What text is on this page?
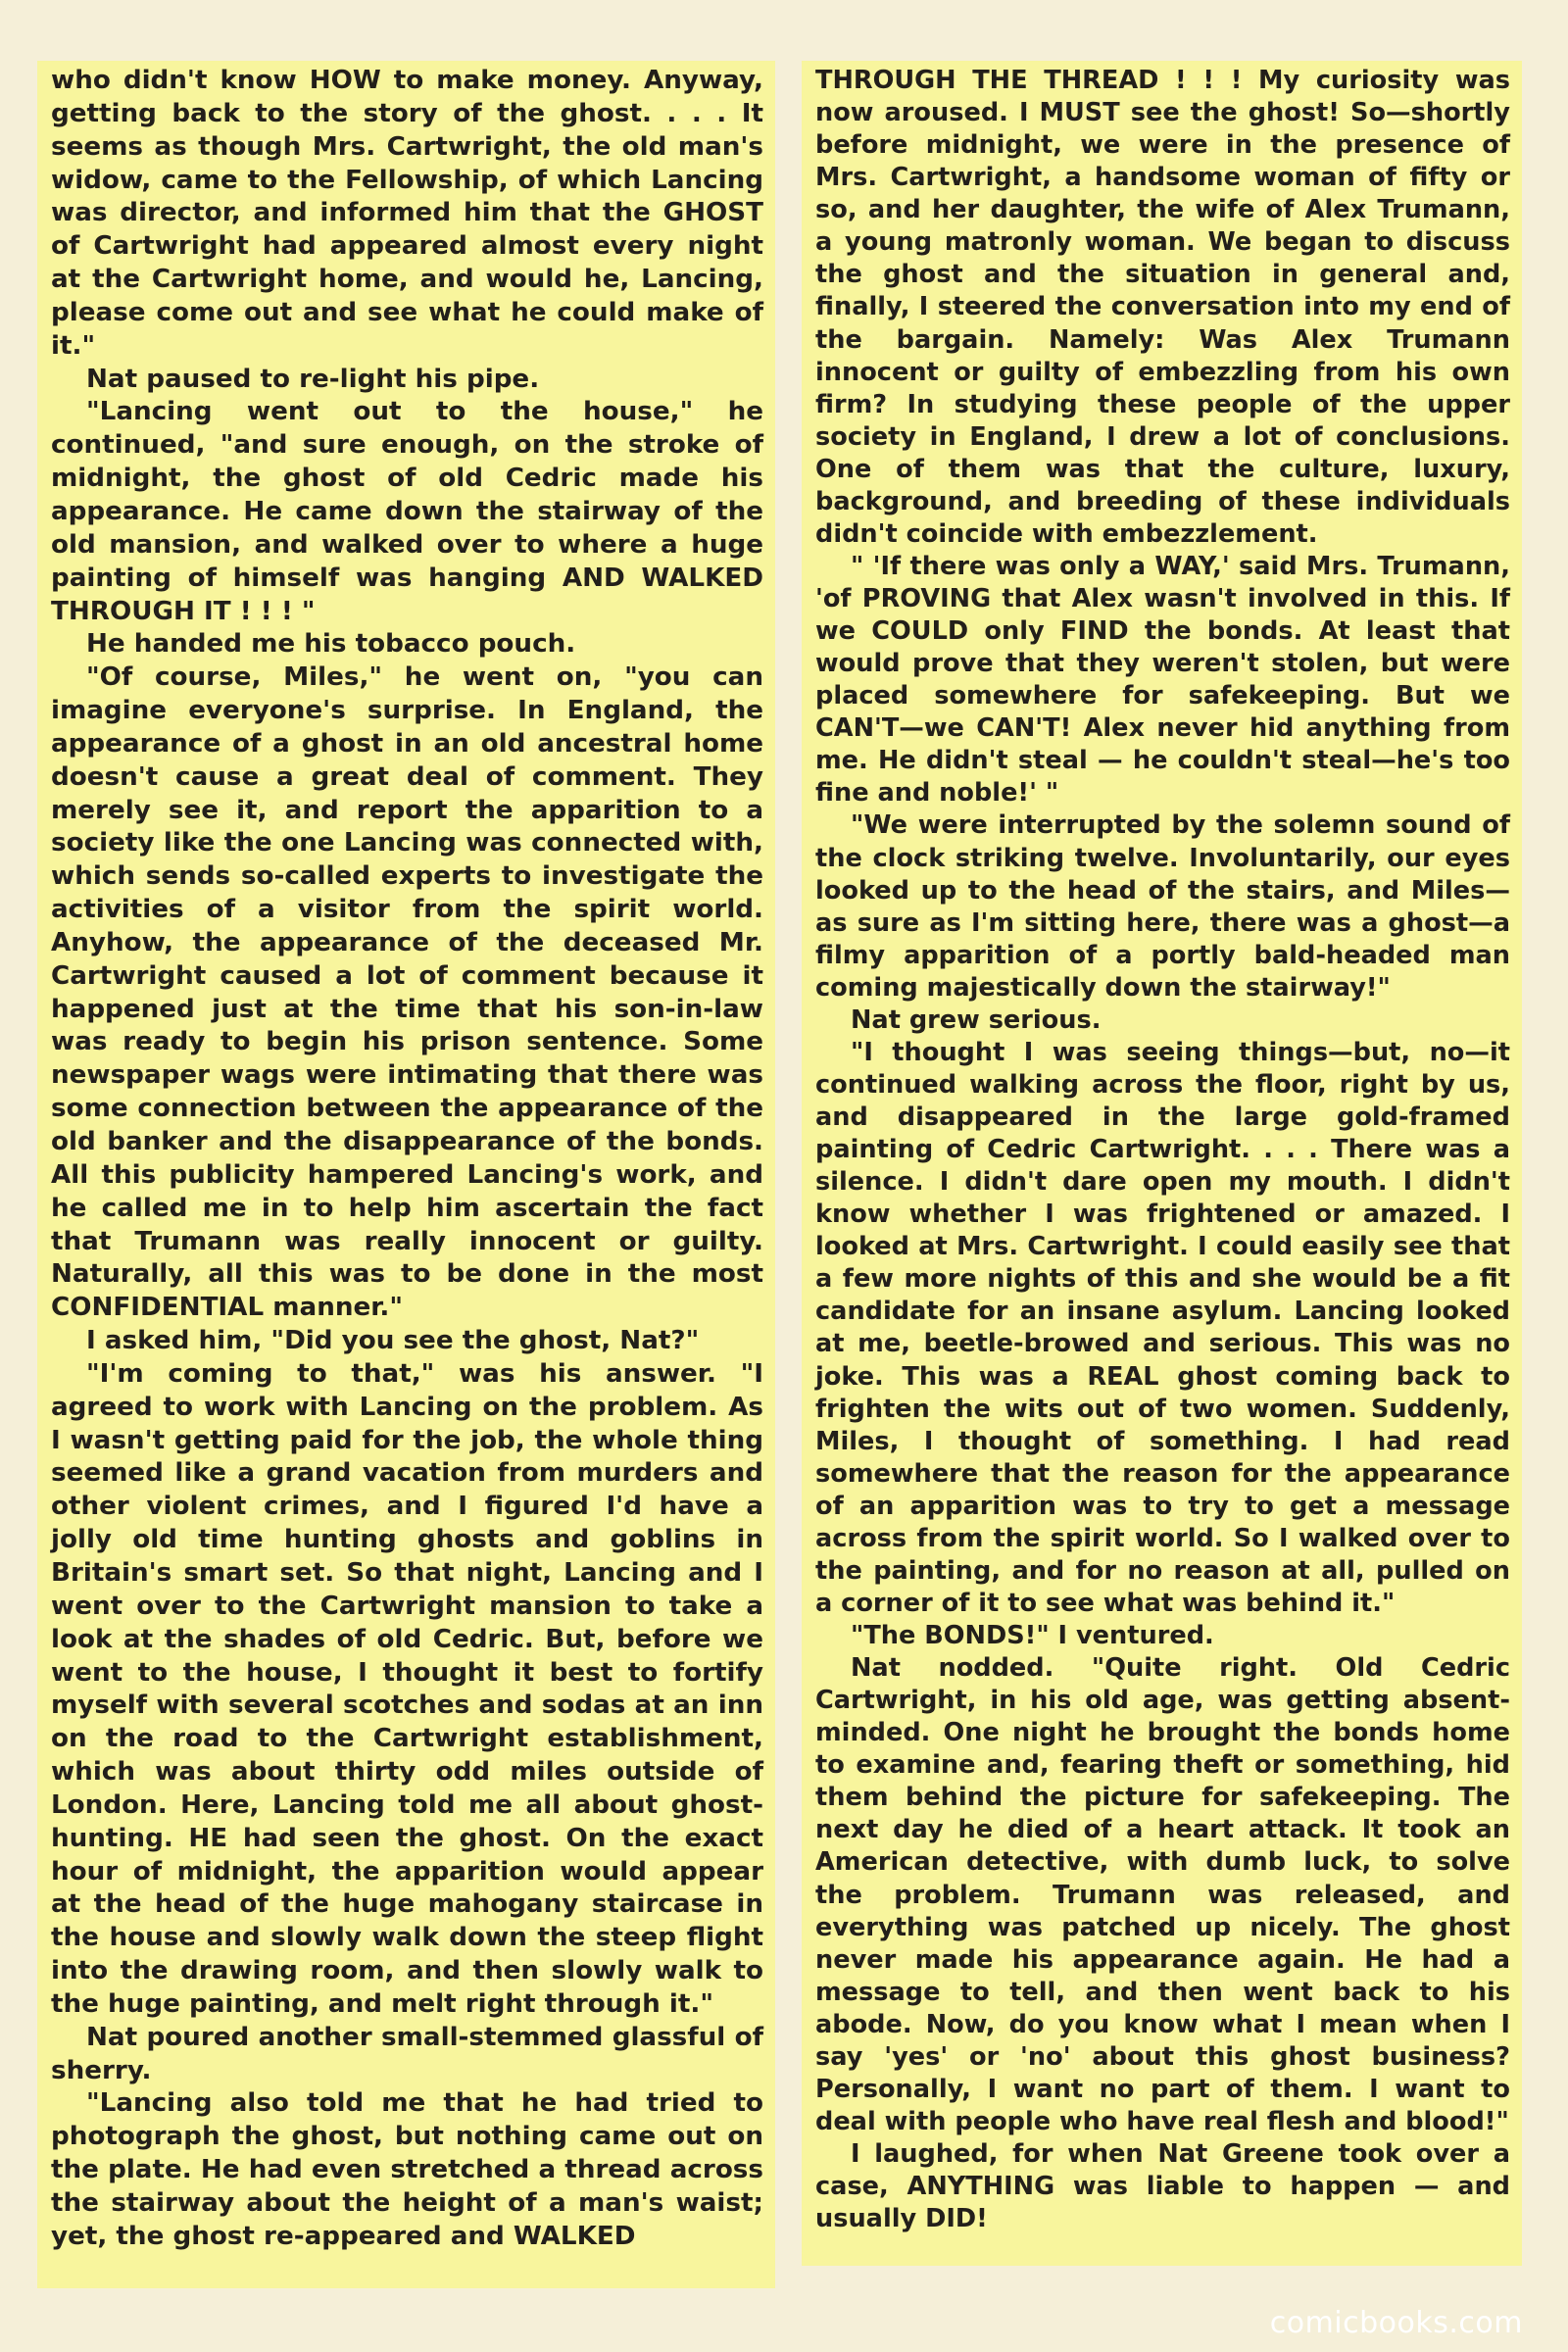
who didn't know HOW to make money. Anyway, getting back to the story of the ghost. . . . It seems as though Mrs. Cartwright, the old man's widow, came to the Fellowship, of which Lancing was director, and informed him that the GHOST of Cartwright had appeared almost every night at the Cartwright home, and would he, Lancing, please come out and see what he could make of it."

Nat paused to re-light his pipe.

"Lancing went out to the house," he continued, "and sure enough, on the stroke of midnight, the ghost of old Cedric made his appearance. He came down the stairway of the old mansion, and walked over to where a huge painting of himself was hanging AND WALKED THROUGH IT ! ! ! "

He handed me his tobacco pouch.

"Of course, Miles," he went on, "you can imagine everyone's surprise. In England, the appearance of a ghost in an old ancestral home doesn't cause a great deal of comment. They merely see it, and report the apparition to a society like the one Lancing was connected with, which sends so-called experts to investigate the activities of a visitor from the spirit world. Anyhow, the appearance of the deceased Mr. Cartwright caused a lot of comment because it happened just at the time that his son-in-law was ready to begin his prison sentence. Some newspaper wags were intimating that there was some connection between the appearance of the old banker and the disappearance of the bonds. All this publicity hampered Lancing's work, and he called me in to help him ascertain the fact that Trumann was really innocent or guilty. Naturally, all this was to be done in the most CONFIDENTIAL manner."

I asked him, "Did you see the ghost, Nat?"

"I'm coming to that," was his answer. "I agreed to work with Lancing on the problem. As I wasn't getting paid for the job, the whole thing seemed like a grand vacation from murders and other violent crimes, and I figured I'd have a jolly old time hunting ghosts and goblins in Britain's smart set. So that night, Lancing and I went over to the Cartwright mansion to take a look at the shades of old Cedric. But, before we went to the house, I thought it best to fortify myself with several scotches and sodas at an inn on the road to the Cartwright establishment, which was about thirty odd miles outside of London. Here, Lancing told me all about ghost-hunting. HE had seen the ghost. On the exact hour of midnight, the apparition would appear at the head of the huge mahogany staircase in the house and slowly walk down the steep flight into the drawing room, and then slowly walk to the huge painting, and melt right through it."

Nat poured another small-stemmed glassful of sherry.

"Lancing also told me that he had tried to photograph the ghost, but nothing came out on the plate. He had even stretched a thread across the stairway about the height of a man's waist; yet, the ghost re-appeared and WALKED

THROUGH THE THREAD ! ! ! My curiosity was now aroused. I MUST see the ghost! So—shortly before midnight, we were in the presence of Mrs. Cartwright, a handsome woman of fifty or so, and her daughter, the wife of Alex Trumann, a young matronly woman. We began to discuss the ghost and the situation in general and, finally, I steered the conversation into my end of the bargain. Namely: Was Alex Trumann innocent or guilty of embezzling from his own firm? In studying these people of the upper society in England, I drew a lot of conclusions. One of them was that the culture, luxury, background, and breeding of these individuals didn't coincide with embezzlement.

" 'If there was only a WAY,' said Mrs. Trumann, 'of PROVING that Alex wasn't involved in this. If we COULD only FIND the bonds. At least that would prove that they weren't stolen, but were placed somewhere for safekeeping. But we CAN'T—we CAN'T! Alex never hid anything from me. He didn't steal — he couldn't steal—he's too fine and noble!' "

"We were interrupted by the solemn sound of the clock striking twelve. Involuntarily, our eyes looked up to the head of the stairs, and Miles—as sure as I'm sitting here, there was a ghost—a filmy apparition of a portly bald-headed man coming majestically down the stairway!"

Nat grew serious.

"I thought I was seeing things—but, no—it continued walking across the floor, right by us, and disappeared in the large gold-framed painting of Cedric Cartwright. . . . There was a silence. I didn't dare open my mouth. I didn't know whether I was frightened or amazed. I looked at Mrs. Cartwright. I could easily see that a few more nights of this and she would be a fit candidate for an insane asylum. Lancing looked at me, beetle-browed and serious. This was no joke. This was a REAL ghost coming back to frighten the wits out of two women. Suddenly, Miles, I thought of something. I had read somewhere that the reason for the appearance of an apparition was to try to get a message across from the spirit world. So I walked over to the painting, and for no reason at all, pulled on a corner of it to see what was behind it."

"The BONDS!" I ventured.

Nat nodded. "Quite right. Old Cedric Cartwright, in his old age, was getting absent-minded. One night he brought the bonds home to examine and, fearing theft or something, hid them behind the picture for safekeeping. The next day he died of a heart attack. It took an American detective, with dumb luck, to solve the problem. Trumann was released, and everything was patched up nicely. The ghost never made his appearance again. He had a message to tell, and then went back to his abode. Now, do you know what I mean when I say 'yes' or 'no' about this ghost business? Personally, I want no part of them. I want to deal with people who have real flesh and blood!"

I laughed, for when Nat Greene took over a case, ANYTHING was liable to happen — and usually DID!

comicbooks.com
